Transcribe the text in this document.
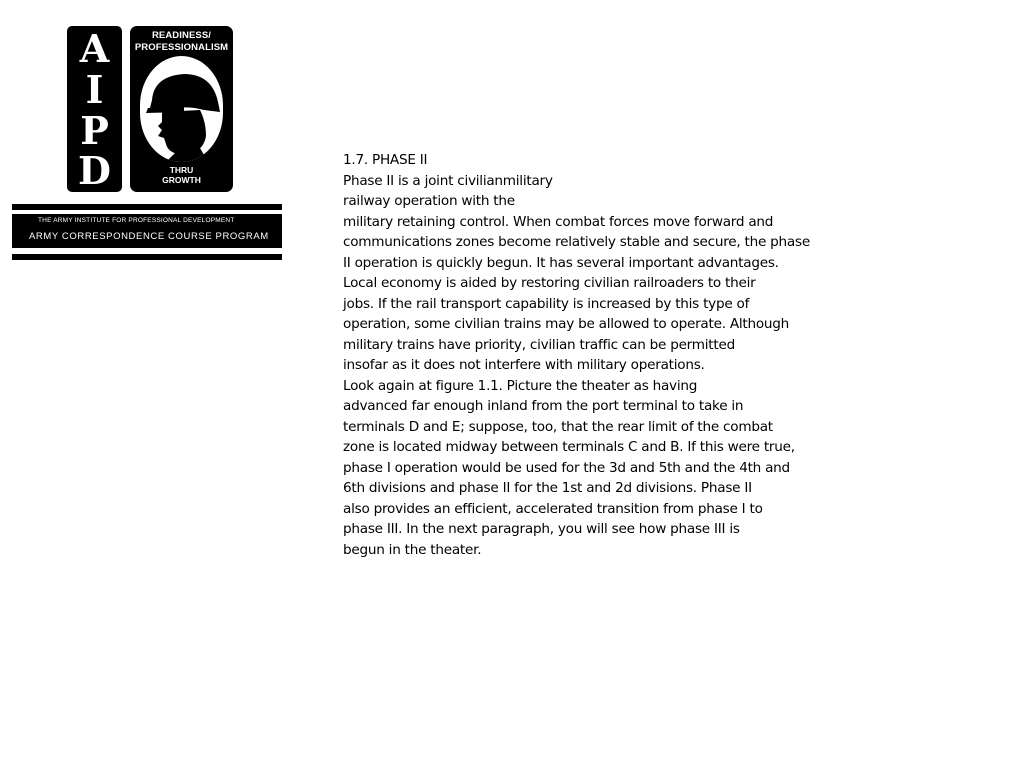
A
I
P
D
READINESS/
PROFESSIONALISM
THRU
GROWTH
THE ARMY INSTITUTE FOR PROFESSIONAL DEVELOPMENT
ARMY CORRESPONDENCE COURSE PROGRAM
1.7. PHASE II
Phase II is a joint civilianmilitary
railway operation with the
military retaining control. When combat forces move forward and
communications zones become relatively stable and secure, the phase
II operation is quickly begun. It has several important advantages.
Local economy is aided by restoring civilian railroaders to their
jobs. If the rail transport capability is increased by this type of
operation, some civilian trains may be allowed to operate. Although
military trains have priority, civilian traffic can be permitted
insofar as it does not interfere with military operations.
Look again at figure 1.1. Picture the theater as having
advanced far enough inland from the port terminal to take in
terminals D and E; suppose, too, that the rear limit of the combat
zone is located midway between terminals C and B. If this were true,
phase I operation would be used for the 3d and 5th and the 4th and
6th divisions and phase II for the 1st and 2d divisions. Phase II
also provides an efficient, accelerated transition from phase I to
phase III. In the next paragraph, you will see how phase III is
begun in the theater.
